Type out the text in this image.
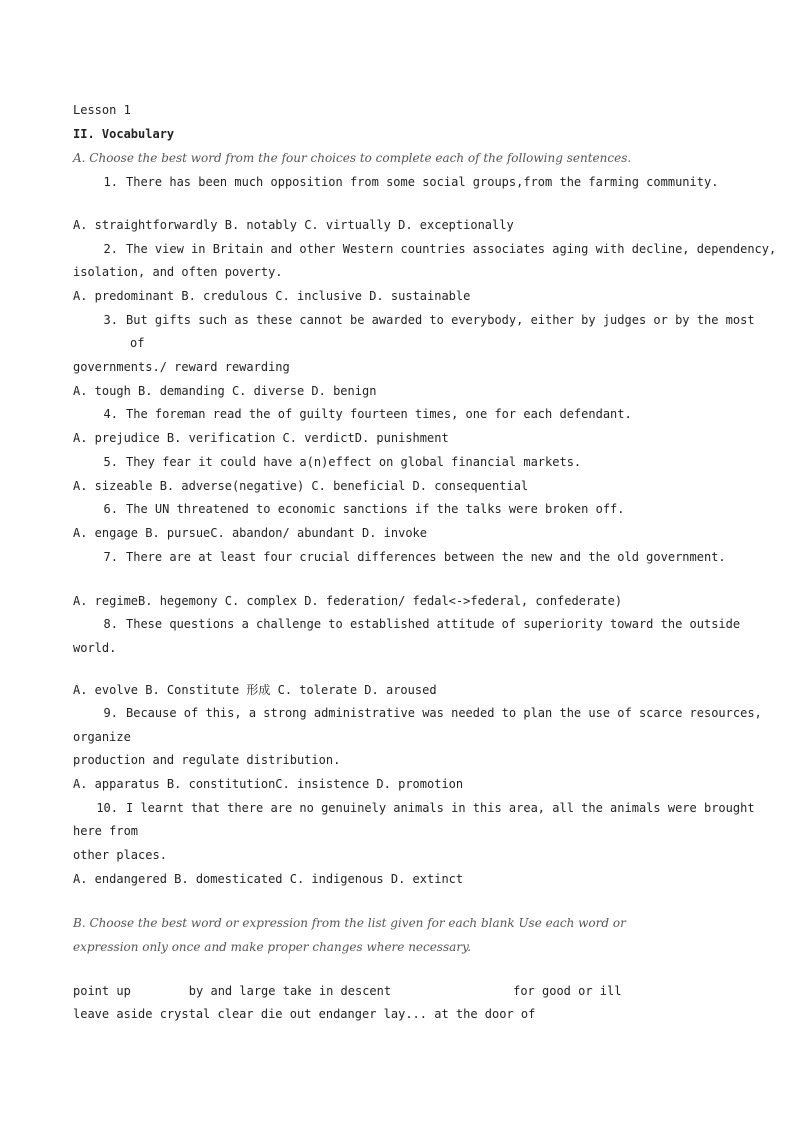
Lesson 1
II. Vocabulary
A. Choose the best word from the four choices to complete each of the following sentences.
1. There has been much opposition from some social groups,from the farming community.
A. straightforwardly B. notably C. virtually D. exceptionally
2. The view in Britain and other Western countries associates aging with decline, dependency,
isolation, and often poverty.
A. predominant B. credulous C. inclusive D. sustainable
3. But gifts such as these cannot be awarded to everybody, either by judges or by the most
of
governments./ reward rewarding
A. tough B. demanding C. diverse D. benign
4. The foreman read the of guilty fourteen times, one for each defendant.
A. prejudice B. verification C. verdictD. punishment
5. They fear it could have a(n)effect on global financial markets.
A. sizeable B. adverse(negative) C. beneficial D. consequential
6. The UN threatened to economic sanctions if the talks were broken off.
A. engage B. pursueC. abandon/ abundant D. invoke
7. There are at least four crucial differences between the new and the old government.
A. regimeB. hegemony C. complex D. federation/ fedal<->federal, confederate)
8. These questions a challenge to established attitude of superiority toward the outside
world.
A. evolve B. Constitute 形成 C. tolerate D. aroused
9. Because of this, a strong administrative was needed to plan the use of scarce resources,
organize
production and regulate distribution.
A. apparatus B. constitutionC. insistence D. promotion
10. I learnt that there are no genuinely animals in this area, all the animals were brought
here from
other places.
A. endangered B. domesticated C. indigenous D. extinct
B. Choose the best word or expression from the list given for each blank Use each word or
expression only once and make proper changes where necessary.
point up	by and large take in descent	for good or ill
leave aside crystal clear die out endanger lay... at the door of
